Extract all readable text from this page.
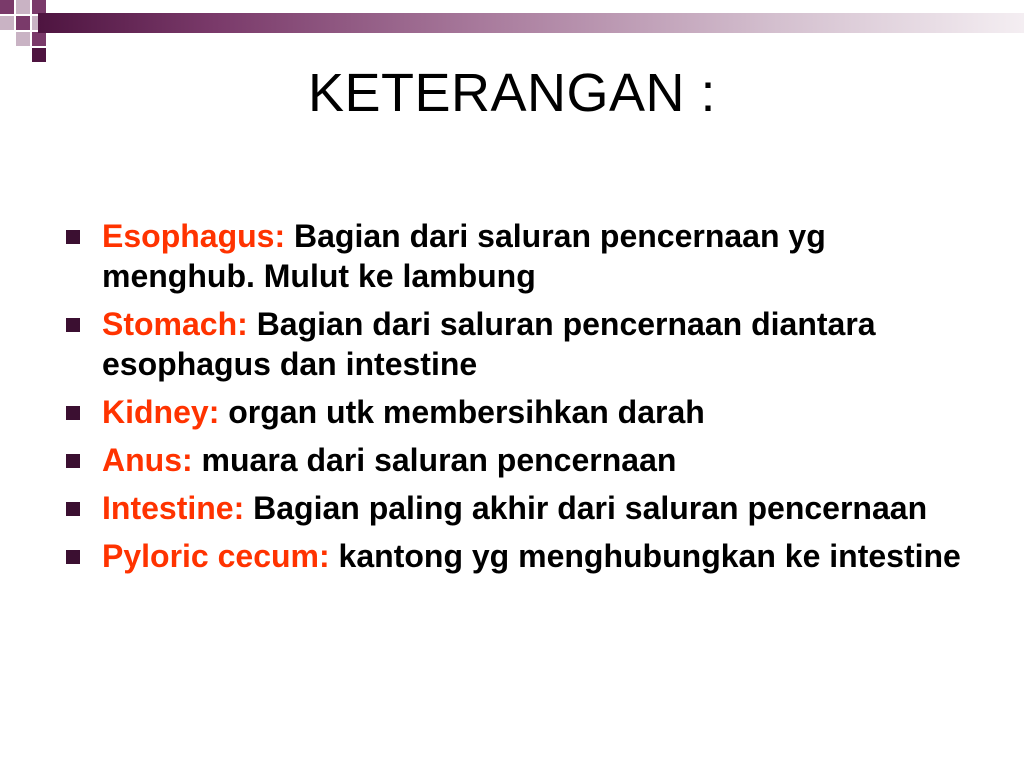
KETERANGAN :
Esophagus: Bagian dari saluran pencernaan yg menghub. Mulut ke lambung
Stomach: Bagian dari saluran pencernaan diantara esophagus dan intestine
Kidney: organ utk membersihkan darah
Anus: muara dari saluran pencernaan
Intestine: Bagian paling akhir dari saluran pencernaan
Pyloric cecum: kantong yg menghubungkan ke intestine
